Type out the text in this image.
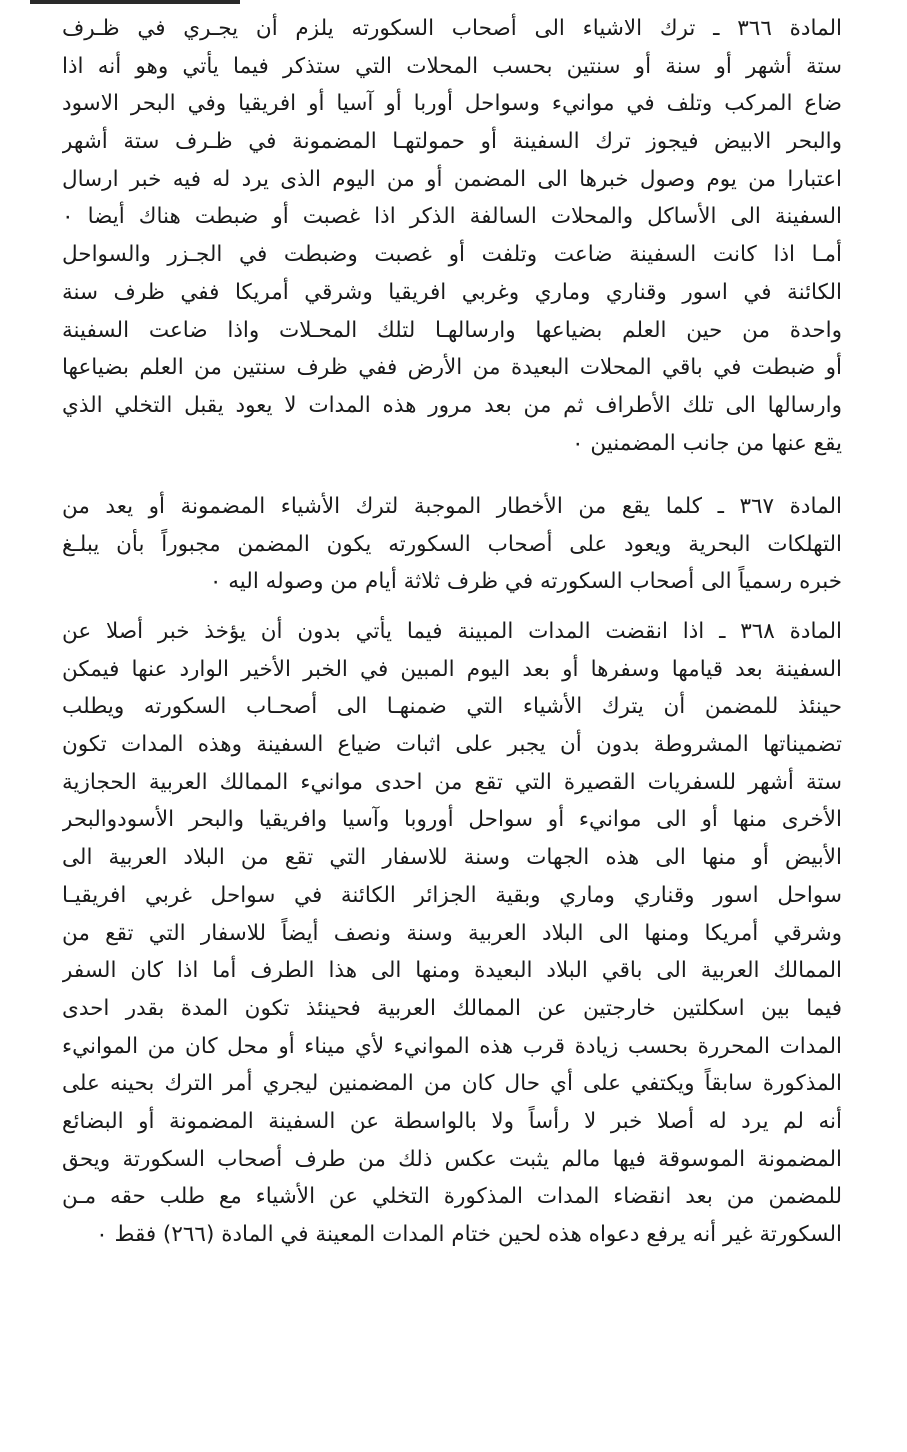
المادة ٣٦٦ ـ ترك الاشياء الى أصحاب السكورته يلزم أن يجـري في ظـرف
ستة أشهر أو سنة أو سنتين بحسب المحلات التي ستذكر فيما يأتي وهو أنه اذا
ضاع المركب وتلف في موانيء وسواحل أوربا أو آسيا أو افريقيا وفي البحر الاسود
والبحر الابيض فيجوز ترك السفينة أو حمولتهـا المضمونة في ظـرف ستة أشهر
اعتبارا من يوم وصول خبرها الى المضمن أو من اليوم الذى يرد له فيه خبر ارسال
السفينة الى الأساكل والمحلات السالفة الذكر اذا غصبت أو ضبطت هناك أيضا ٠
أمـا اذا كانت السفينة ضاعت وتلفت أو غصبت وضبطت في الجـزر والسواحل
الكائنة في اسور وقناري وماري وغربي افريقيا وشرقي أمريكا ففي ظرف سنة
واحدة من حين العلم بضياعها وارسالهـا لتلك المحـلات واذا ضاعت السفينة
أو ضبطت في باقي المحلات البعيدة من الأرض ففي ظرف سنتين من العلم بضياعها
وارسالها الى تلك الأطراف ثم من بعد مرور هذه المدات لا يعود يقبل التخلي الذي
يقع عنها من جانب المضمنين ٠
المادة ٣٦٧ ـ كلما يقع من الأخطار الموجبة لترك الأشياء المضمونة أو يعد من
التهلكات البحرية ويعود على أصحاب السكورته يكون المضمن مجبوراً بأن يبلـغ
خبره رسمياً الى أصحاب السكورته في ظرف ثلاثة أيام من وصوله اليه ٠
المادة ٣٦٨ ـ اذا انقضت المدات المبينة فيما يأتي بدون أن يؤخذ خبر أصلا عن
السفينة بعد قيامها وسفرها أو بعد اليوم المبين في الخبر الأخير الوارد عنها فيمكن
حينئذ للمضمن أن يترك الأشياء التي ضمنهـا الى أصحـاب السكورته ويطلب
تضميناتها المشروطة بدون أن يجبر على اثبات ضياع السفينة وهذه المدات تكون
ستة أشهر للسفريات القصيرة التي تقع من احدى موانيء الممالك العربية الحجازية
الأخرى منها أو الى موانيء أو سواحل أوروبا وآسيا وافريقيا والبحر الأسودوالبحر
الأبيض أو منها الى هذه الجهات وسنة للاسفار التي تقع من البلاد العربية الى
سواحل اسور وقناري وماري وبقية الجزائر الكائنة في سواحل غربي افريقيـا
وشرقي أمريكا ومنها الى البلاد العربية وسنة ونصف أيضاً للاسفار التي تقع من
الممالك العربية الى باقي البلاد البعيدة ومنها الى هذا الطرف أما اذا كان السفر
فيما بين اسكلتين خارجتين عن الممالك العربية فحينئذ تكون المدة بقدر احدى
المدات المحررة بحسب زيادة قرب هذه الموانيء لأي ميناء أو محل كان من الموانيء
المذكورة سابقاً ويكتفي على أي حال كان من المضمنين ليجري أمر الترك بحينه على
أنه لم يرد له أصلا خبر لا رأساً ولا بالواسطة عن السفينة المضمونة أو البضائع
المضمونة الموسوقة فيها مالم يثبت عكس ذلك من طرف أصحاب السكورتة ويحق
للمضمن من بعد انقضاء المدات المذكورة التخلي عن الأشياء مع طلب حقه مـن
السكورتة غير أنه يرفع دعواه هذه لحين ختام المدات المعينة في المادة (٢٦٦) فقط ٠
